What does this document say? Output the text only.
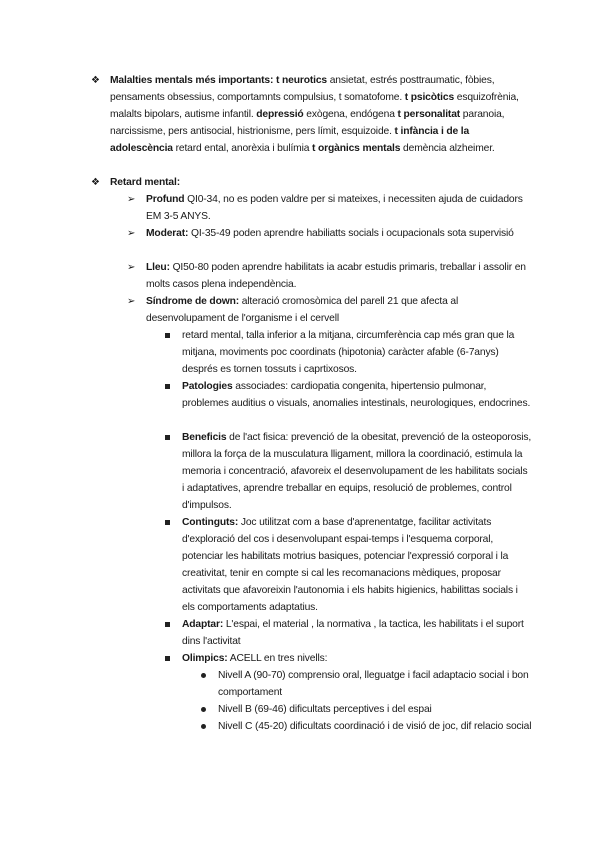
❖ Malalties mentals més importants: t neurotics ansietat, estrés posttraumatic, fòbies, pensaments obsessius, comportamnts compulsius, t somatofome. t psicòtics esquizofrènia, malalts bipolars, autisme infantil. depressió exògena, endógena t personalitat paranoia, narcissisme, pers antisocial, histrionisme, pers límit, esquizoide. t infància i de la adolescència retard ental, anorèxia i bulímia t orgànics mentals demència alzheimer.
❖ Retard mental:
➢ Profund QI0-34, no es poden valdre per si mateixes, i necessiten ajuda de cuidadors EM 3-5 ANYS.
➢ Moderat: QI-35-49 poden aprendre habiliatts socials i ocupacionals sota supervisió
➢ Lleu: QI50-80 poden aprendre habilitats ia acabr estudis primaris, treballar i assolir en molts casos plena independència.
➢ Síndrome de down: alteració cromosòmica del parell 21 que afecta al desenvolupament de l'organisme i el cervell
retard mental, talla inferior a la mitjana, circumferència cap més gran que la mitjana, moviments poc coordinats (hipotonia) caràcter afable (6-7anys) després es tornen tossuts i caprtixosos.
Patologies associades: cardiopatia congenita, hipertensio pulmonar, problemes auditius o visuals, anomalies intestinals, neurologiques, endocrines.
Beneficis de l'act fisica: prevenció de la obesitat, prevenció de la osteoporosis, millora la força de la musculatura lligament, millora la coordinació, estimula la memoria i concentració, afavoreix el desenvolupament de les habilitats socials i adaptatives, aprendre treballar en equips, resolució de problemes, control d'impulsos.
Continguts: Joc utilitzat com a base d'aprenentatge, facilitar activitats d'exploració del cos i desenvolupant espai-temps i l'esquema corporal, potenciar les habilitats motrius basiques, potenciar l'expressió corporal i la creativitat, tenir en compte si cal les recomanacions mèdiques, proposar activitats que afavoreixin l'autonomia i els habits higienics, habilittas socials i els comportaments adaptatius.
Adaptar: L'espai, el material , la normativa , la tactica, les habilitats i el suport dins l'activitat
Olimpics: ACELL en tres nivells:
Nivell A (90-70) comprensio oral, lleguatge i facil adaptacio social i bon comportament
Nivell B (69-46) dificultats perceptives i del espai
Nivell C (45-20) dificultats coordinació i de visió de joc, dif relacio social
